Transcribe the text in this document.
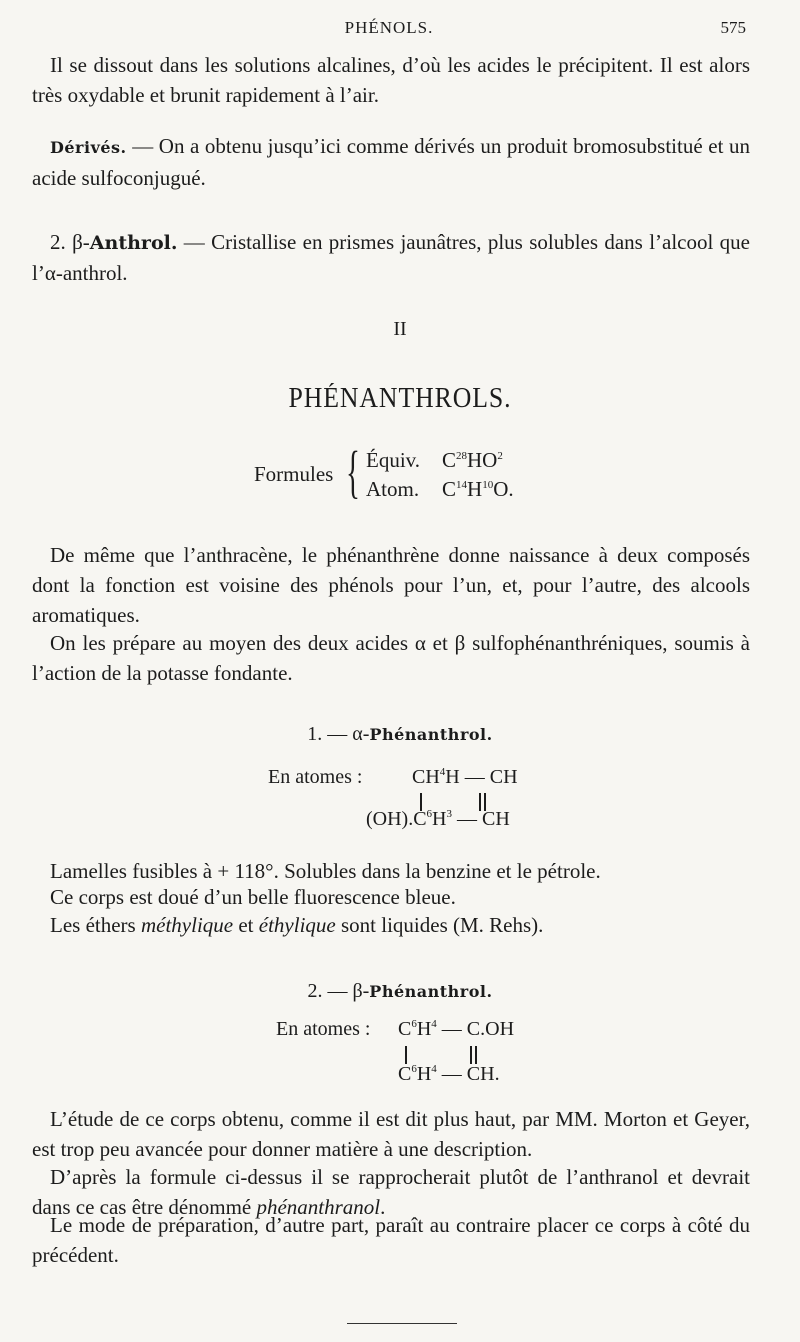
PHÉNOLS.	575

Il se dissout dans les solutions alcalines, d’où les acides le précipitent. Il est alors très oxydable et brunit rapidement à l’air.

Dérivés. — On a obtenu jusqu’ici comme dérivés un produit bromosubstitué et un acide sulfoconjugué.

2. β-Anthrol. — Cristallise en prismes jaunâtres, plus solubles dans l’alcool que l’α-anthrol.

II
PHÉNANTHROLS.
Formules { Équiv. $C^{28}HO^2$
Atom. $C^{14}H^{10}O$.

De même que l’anthracène, le phénanthrène donne naissance à deux composés dont la fonction est voisine des phénols pour l’un, et, pour l’autre, des alcools aromatiques.

On les prépare au moyen des deux acides α et β sulfophénanthréniques, soumis à l’action de la potasse fondante.

1. — α-Phénanthrol.
En atomes : $CH^4H$ — CH
$(OH).C^6H^3$ — CH

Lamelles fusibles à + 118°. Solubles dans la benzine et le pétrole.

Ce corps est doué d’un belle fluorescence bleue.

Les éthers méthylique et éthylique sont liquides (M. Rehs).

2. — β-Phénanthrol.
En atomes : $C^6H^4$ — C.OH
$C^6H^4$ — CH.

L’étude de ce corps obtenu, comme il est dit plus haut, par MM. Morton et Geyer, est trop peu avancée pour donner matière à une description.

D’après la formule ci-dessus il se rapprocherait plutôt de l’anthranol et devrait dans ce cas être dénommé phénanthranol.

Le mode de préparation, d’autre part, paraît au contraire placer ce corps à côté du précédent.
